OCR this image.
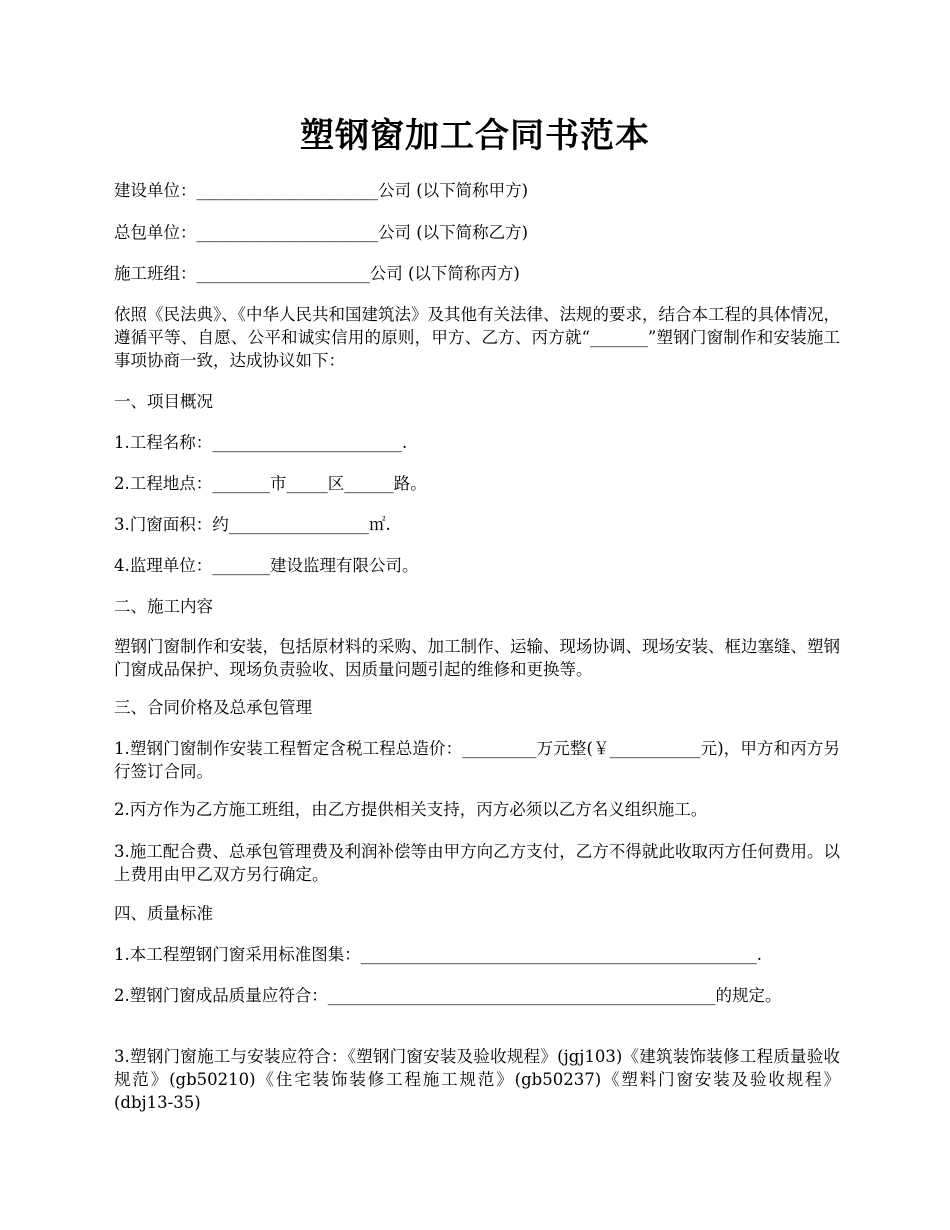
塑钢窗加工合同书范本

建设单位：______________________公司 (以下简称甲方)

总包单位：______________________公司 (以下简称乙方)

施工班组：_____________________公司 (以下简称丙方)

依照《民法典》、《中华人民共和国建筑法》及其他有关法律、法规的要求，结合本工程的具体情况，遵循平等、自愿、公平和诚实信用的原则，甲方、乙方、丙方就“_______”塑钢门窗制作和安装施工事项协商一致，达成协议如下：

一、项目概况

1.工程名称：_______________________.

2.工程地点：_______市_____区______路。

3.门窗面积：约_________________㎡.

4.监理单位：_______建设监理有限公司。

二、施工内容

塑钢门窗制作和安装，包括原材料的采购、加工制作、运输、现场协调、现场安装、框边塞缝、塑钢门窗成品保护、现场负责验收、因质量问题引起的维修和更换等。

三、合同价格及总承包管理

1.塑钢门窗制作安装工程暂定含税工程总造价：_________万元整(￥___________元)，甲方和丙方另行签订合同。

2.丙方作为乙方施工班组，由乙方提供相关支持，丙方必须以乙方名义组织施工。

3.施工配合费、总承包管理费及利润补偿等由甲方向乙方支付，乙方不得就此收取丙方任何费用。以上费用由甲乙双方另行确定。

四、质量标准

1.本工程塑钢门窗采用标准图集：________________________________________________.

2.塑钢门窗成品质量应符合：_______________________________________________的规定。

3.塑钢门窗施工与安装应符合：《塑钢门窗安装及验收规程》(jgj103)《建筑装饰装修工程质量验收规范》(gb50210)《住宅装饰装修工程施工规范》(gb50237)《塑料门窗安装及验收规程》(dbj13-35)
